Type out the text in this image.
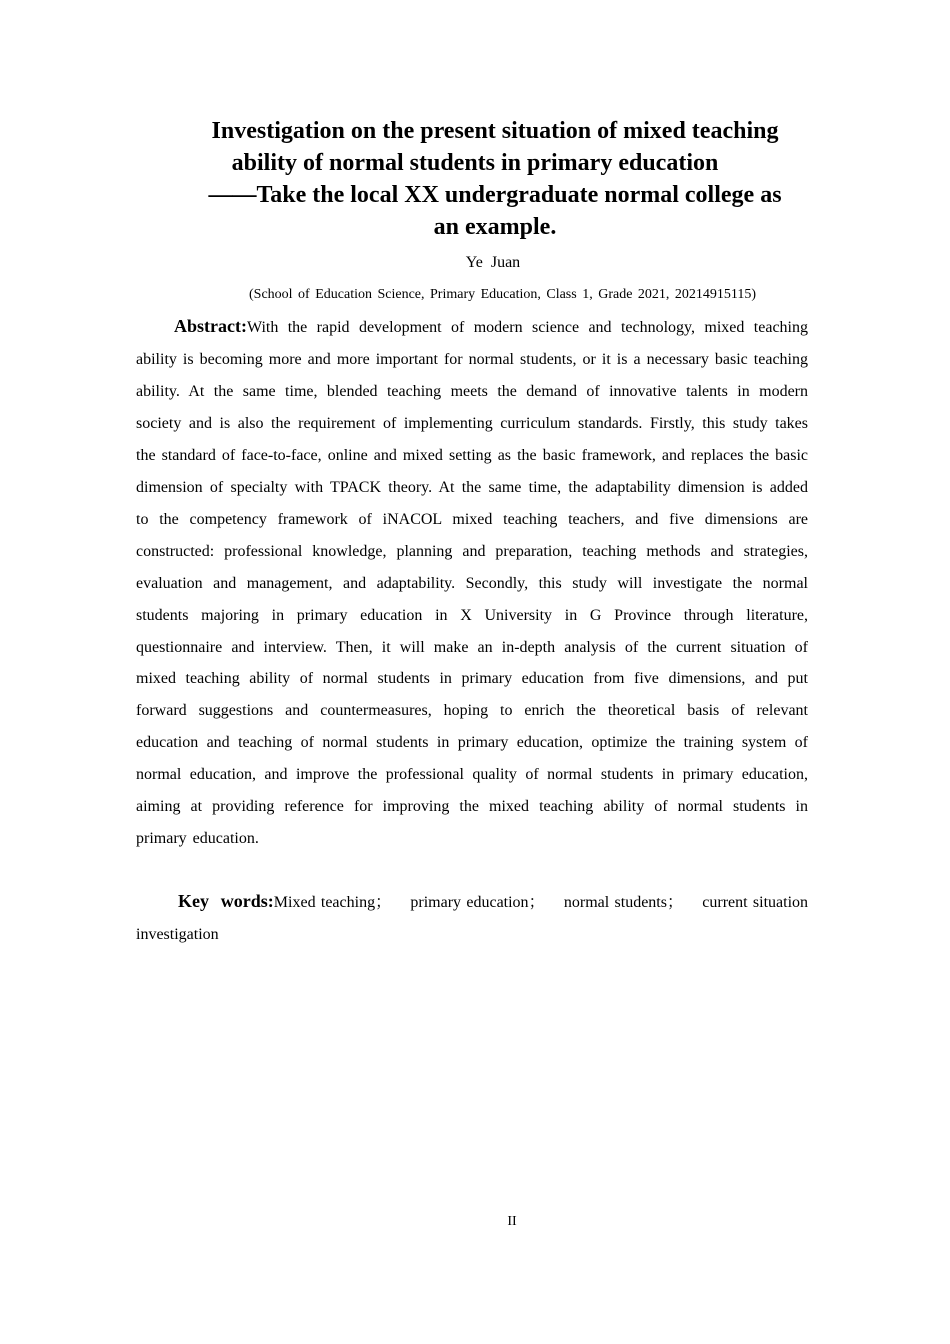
Investigation on the present situation of mixed teaching
ability of normal students in primary education
——Take the local XX undergraduate normal college as
an example.
Ye Juan
(School of Education Science, Primary Education, Class 1, Grade 2021, 20214915115)

Abstract:With the rapid development of modern science and technology, mixed teaching ability is becoming more and more important for normal students, or it is a necessary basic teaching ability. At the same time, blended teaching meets the demand of innovative talents in modern society and is also the requirement of implementing curriculum standards. Firstly, this study takes the standard of face-to-face, online and mixed setting as the basic framework, and replaces the basic dimension of specialty with TPACK theory. At the same time, the adaptability dimension is added to the competency framework of iNACOL mixed teaching teachers, and five dimensions are constructed: professional knowledge, planning and preparation, teaching methods and strategies, evaluation and management, and adaptability. Secondly, this study will investigate the normal students majoring in primary education in X University in G Province through literature, questionnaire and interview. Then, it will make an in-depth analysis of the current situation of mixed teaching ability of normal students in primary education from five dimensions, and put forward suggestions and countermeasures, hoping to enrich the theoretical basis of relevant education and teaching of normal students in primary education, optimize the training system of normal education, and improve the professional quality of normal students in primary education, aiming at providing reference for improving the mixed teaching ability of normal students in primary education.

Key words:Mixed teaching； primary education； normal students； current situation investigation

II
